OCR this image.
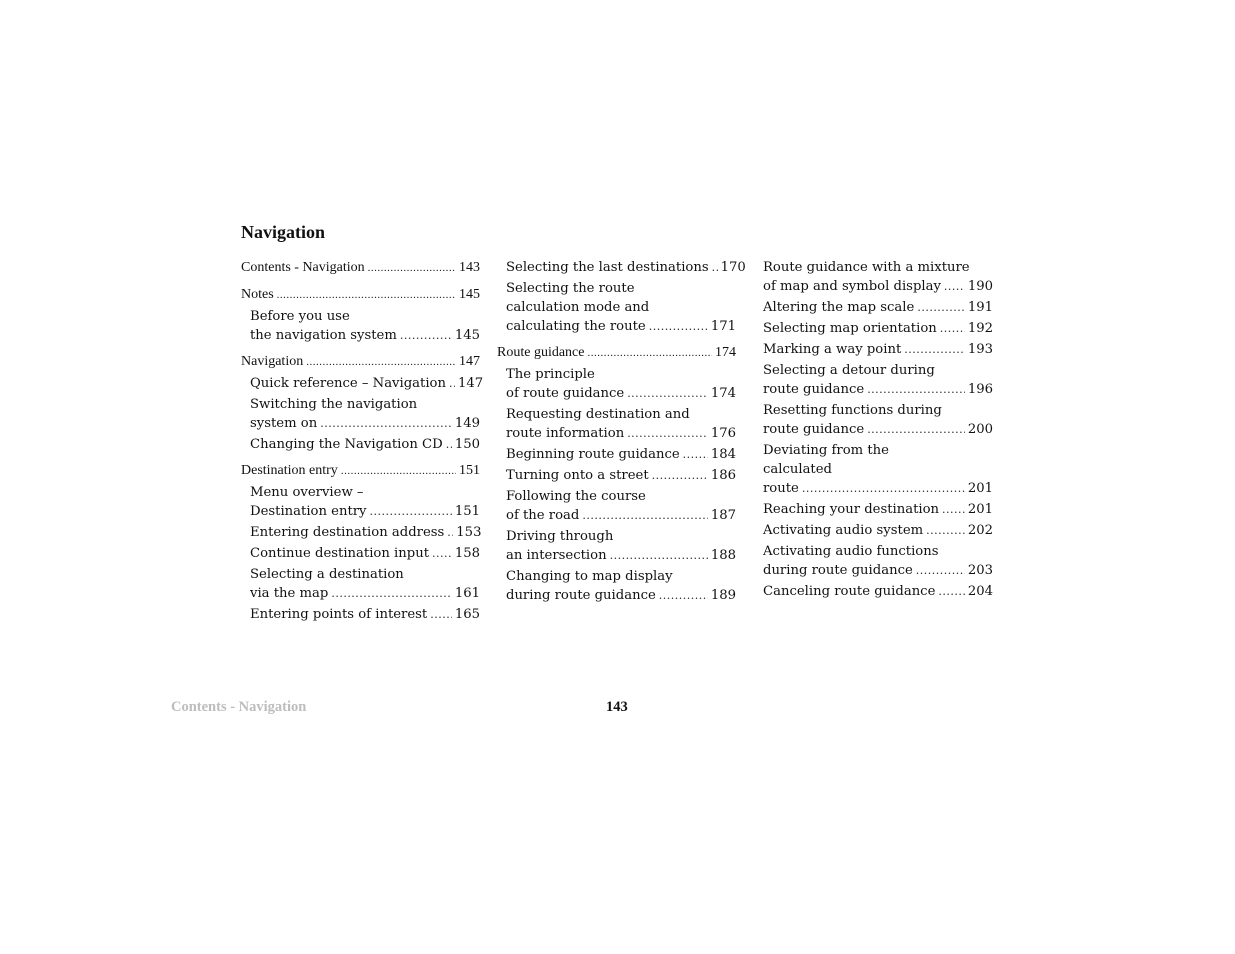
Navigation
Contents - Navigation .....	143
Notes .....	145
Before you use
the navigation system .....	145
Navigation .....	147
Quick reference – Navigation ..... 147
Switching the navigation
system on .....	149
Changing the Navigation CD ..... 150
Destination entry .....	151
Menu overview –
Destination entry .....	151
Entering destination address ..... 153
Continue destination input ..... 158
Selecting a destination
via the map .....	161
Entering points of interest ..... 165
Selecting the last destinations ..... 170
Selecting the route
calculation mode and
calculating the route .....	171
Route guidance .....	174
The principle
of route guidance .....	174
Requesting destination and
route information .....	176
Beginning route guidance ..... 184
Turning onto a street .....	186
Following the course
of the road .....	187
Driving through
an intersection .....	188
Changing to map display
during route guidance .....	189
Route guidance with a mixture
of map and symbol display ..... 190
Altering the map scale .....	191
Selecting map orientation ..... 192
Marking a way point .....	193
Selecting a detour during
route guidance .....	196
Resetting functions during
route guidance .....	200
Deviating from the
calculated
route .....	201
Reaching your destination ..... 201
Activating audio system .....	202
Activating audio functions
during route guidance .....	203
Canceling route guidance ..... 204
Contents - Navigation	143
